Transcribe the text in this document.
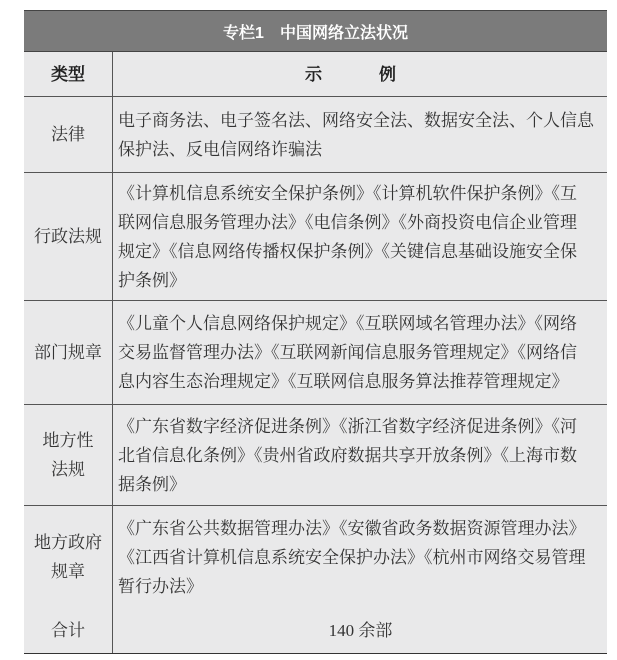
专栏1　中国网络立法状况
类型	示　例
法律
电子商务法、电子签名法、网络安全法、数据安全法、个人信息
保护法、反电信网络诈骗法
行政法规
《计算机信息系统安全保护条例》《计算机软件保护条例》《互
联网信息服务管理办法》《电信条例》《外商投资电信企业管理
规定》《信息网络传播权保护条例》《关键信息基础设施安全保
护条例》
部门规章
《儿童个人信息网络保护规定》《互联网域名管理办法》《网络
交易监督管理办法》《互联网新闻信息服务管理规定》《网络信
息内容生态治理规定》《互联网信息服务算法推荐管理规定》
地方性
法规
《广东省数字经济促进条例》《浙江省数字经济促进条例》《河
北省信息化条例》《贵州省政府数据共享开放条例》《上海市数
据条例》
地方政府
规章
《广东省公共数据管理办法》《安徽省政务数据资源管理办法》
《江西省计算机信息系统安全保护办法》《杭州市网络交易管理
暂行办法》
合计	140 余部
